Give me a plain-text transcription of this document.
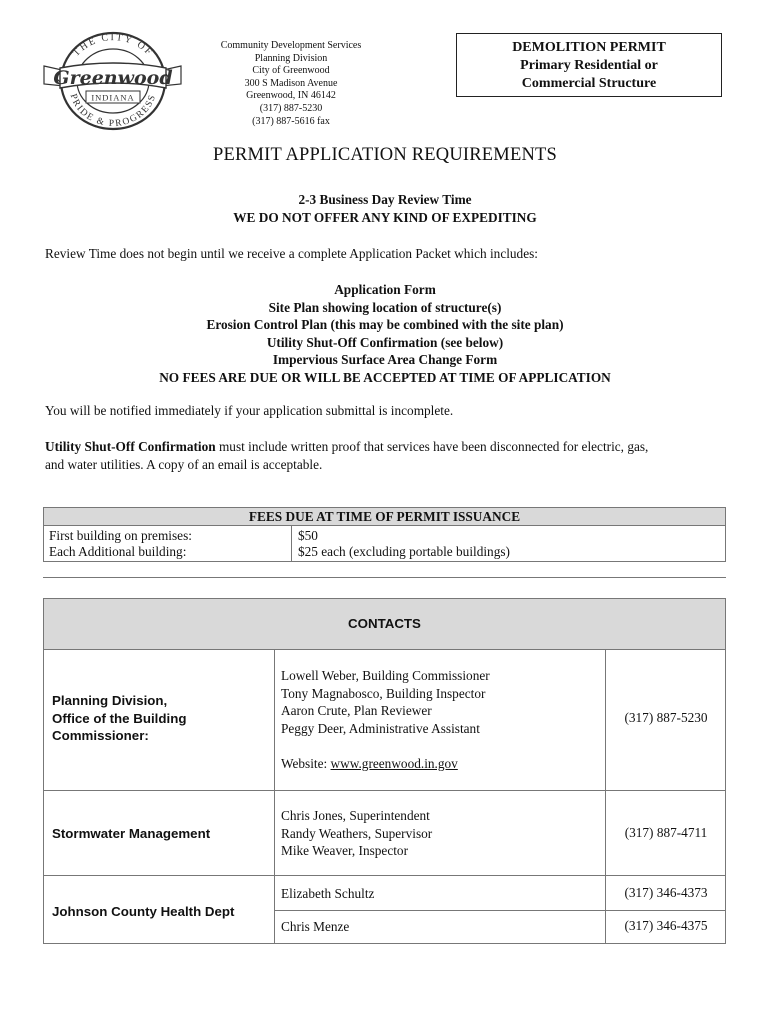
THE CITY OF
PRIDE & PROGRESS
Greenwood
INDIANA
Community Development Services
Planning Division
City of Greenwood
300 S Madison Avenue
Greenwood, IN 46142
(317) 887-5230
(317) 887-5616 fax
DEMOLITION PERMIT
Primary Residential or
Commercial Structure
PERMIT APPLICATION REQUIREMENTS
2-3 Business Day Review Time
WE DO NOT OFFER ANY KIND OF EXPEDITING
Review Time does not begin until we receive a complete Application Packet which includes:
Application Form
Site Plan showing location of structure(s)
Erosion Control Plan (this may be combined with the site plan)
Utility Shut-Off Confirmation (see below)
Impervious Surface Area Change Form
NO FEES ARE DUE OR WILL BE ACCEPTED AT TIME OF APPLICATION
You will be notified immediately if your application submittal is incomplete.
Utility Shut-Off Confirmation must include written proof that services have been disconnected for electric, gas,
and water utilities. A copy of an email is acceptable.
FEES DUE AT TIME OF PERMIT ISSUANCE
First building on premises:
Each Additional building:
$50
$25 each (excluding portable buildings)
CONTACTS
Planning Division,
Office of the Building
Commissioner:
Lowell Weber, Building Commissioner
Tony Magnabosco, Building Inspector
Aaron Crute, Plan Reviewer
Peggy Deer, Administrative Assistant
Website: www.greenwood.in.gov
(317) 887-5230
Stormwater Management
Chris Jones, Superintendent
Randy Weathers, Supervisor
Mike Weaver, Inspector
(317) 887-4711
Johnson County Health Dept
Elizabeth Schultz	(317) 346-4373
Chris Menze	(317) 346-4375
